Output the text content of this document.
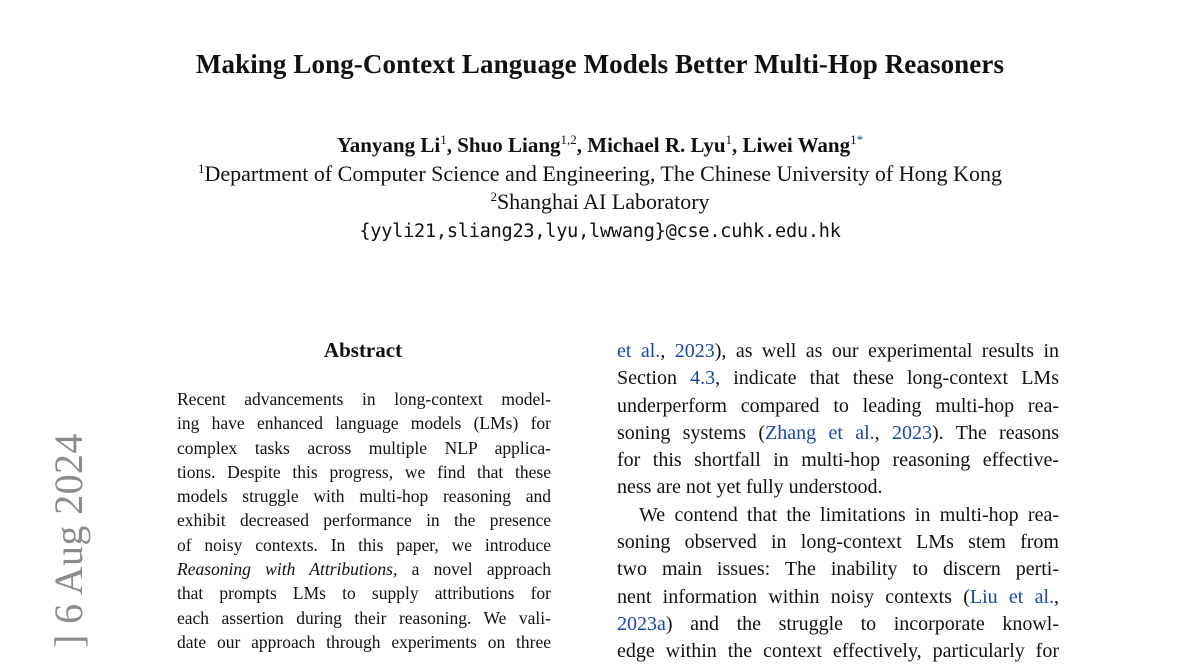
Making Long-Context Language Models Better Multi-Hop Reasoners
Yanyang Li$^1$, Shuo Liang$^{1,2}$, Michael R. Lyu$^1$, Liwei Wang$^{1*}$
$^1$Department of Computer Science and Engineering, The Chinese University of Hong Kong
$^2$Shanghai AI Laboratory
{yyli21,sliang23,lyu,lwwang}@cse.cuhk.edu.hk
] 6 Aug 2024
Abstract
Recent advancements in long-context model-
ing have enhanced language models (LMs) for
complex tasks across multiple NLP applica-
tions. Despite this progress, we find that these
models struggle with multi-hop reasoning and
exhibit decreased performance in the presence
of noisy contexts. In this paper, we introduce
Reasoning with Attributions, a novel approach
that prompts LMs to supply attributions for
each assertion during their reasoning. We vali-
date our approach through experiments on three
et al., 2023), as well as our experimental results in
Section 4.3, indicate that these long-context LMs
underperform compared to leading multi-hop rea-
soning systems (Zhang et al., 2023). The reasons
for this shortfall in multi-hop reasoning effective-
ness are not yet fully understood.
We contend that the limitations in multi-hop rea-
soning observed in long-context LMs stem from
two main issues: The inability to discern perti-
nent information within noisy contexts (Liu et al.,
2023a) and the struggle to incorporate knowl-
edge within the context effectively, particularly for
